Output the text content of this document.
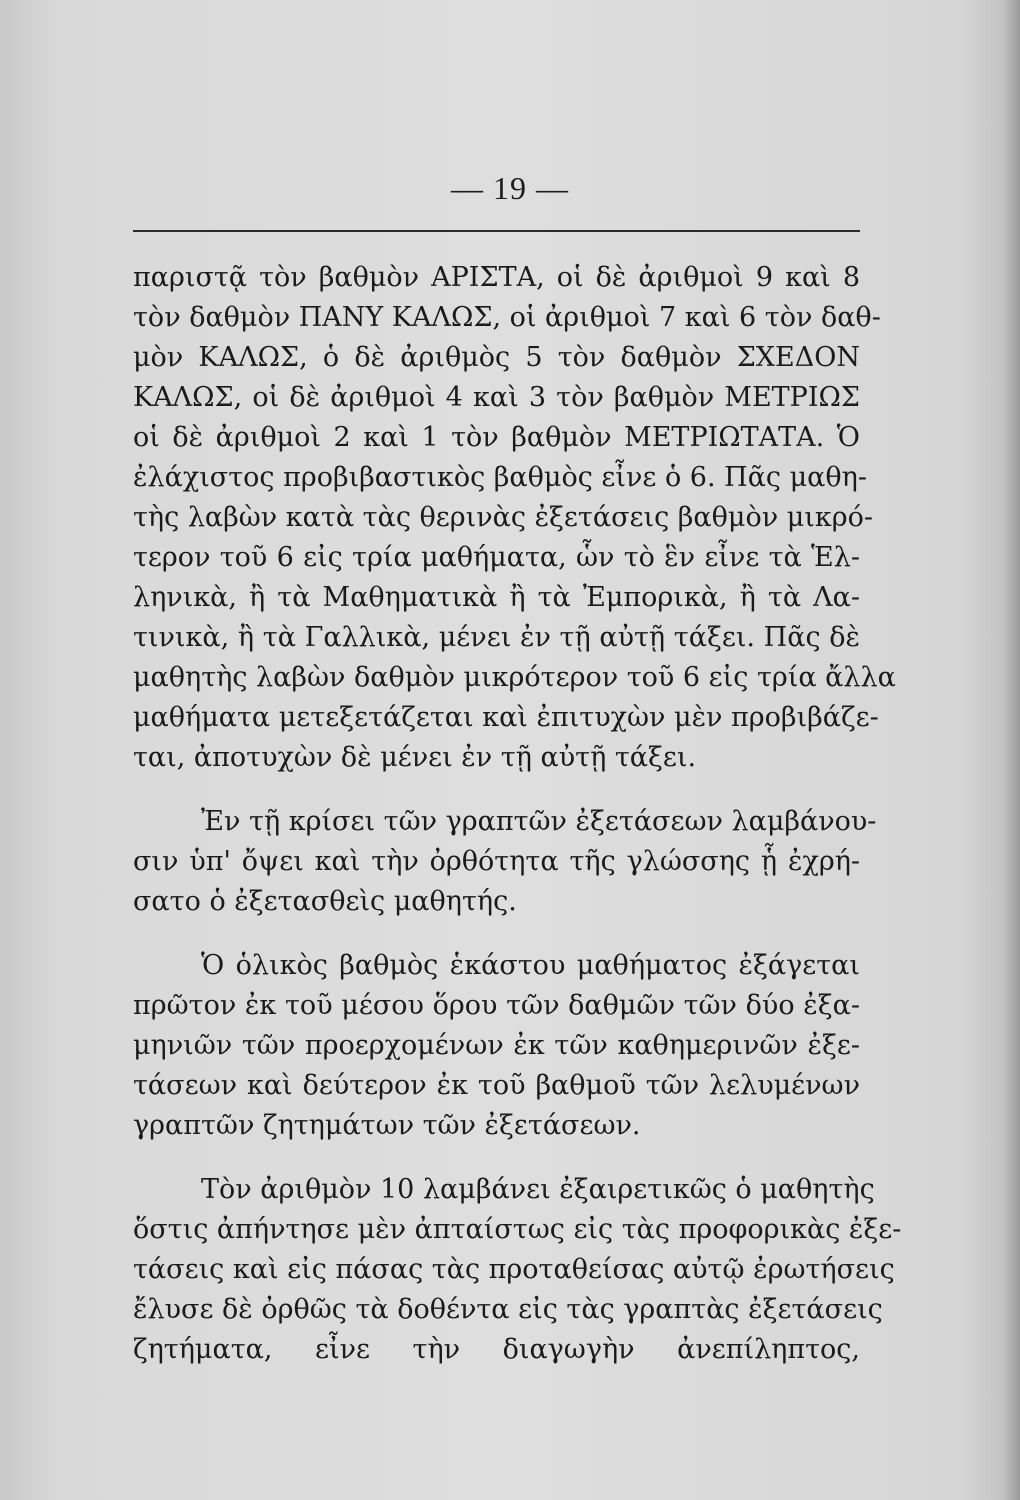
— 19 —
παριστᾷ τὸν βαθμὸν ΑΡΙΣΤΑ, οἱ δὲ ἀριθμοὶ 9 καὶ 8
τὸν δαθμὸν ΠΑΝΥ ΚΑΛΩΣ, οἱ ἀριθμοὶ 7 καὶ 6 τὸν δαθ-
μὸν ΚΑΛΩΣ, ὁ δὲ ἀριθμὸς 5 τὸν δαθμὸν ΣΧΕΔΟΝ
ΚΑΛΩΣ, οἱ δὲ ἀριθμοὶ 4 καὶ 3 τὸν βαθμὸν ΜΕΤΡΙΩΣ
οἱ δὲ ἀριθμοὶ 2 καὶ 1 τὸν βαθμὸν ΜΕΤΡΙΩΤΑΤΑ. Ὁ
ἐλάχιστος προβιβαστικὸς βαθμὸς εἶνε ὁ 6. Πᾶς μαθη-
τὴς λαβὼν κατὰ τὰς θερινὰς ἐξετάσεις βαθμὸν μικρό-
τερον τοῦ 6 εἰς τρία μαθήματα, ὧν τὸ ἓν εἶνε τὰ Ἑλ-
ληνικὰ, ἢ τὰ Μαθηματικὰ ἢ τὰ Ἐμπορικὰ, ἢ τὰ Λα-
τινικὰ, ἢ τὰ Γαλλικὰ, μένει ἐν τῇ αὐτῇ τάξει. Πᾶς δὲ
μαθητὴς λαβὼν δαθμὸν μικρότερον τοῦ 6 εἰς τρία ἄλλα
μαθήματα μετεξετάζεται καὶ ἐπιτυχὼν μὲν προβιβάζε-
ται, ἀποτυχὼν δὲ μένει ἐν τῇ αὐτῇ τάξει.
Ἐν τῇ κρίσει τῶν γραπτῶν ἐξετάσεων λαμβάνου-
σιν ὑπ' ὄψει καὶ τὴν ὀρθότητα τῆς γλώσσης ᾗ ἐχρή-
σατο ὁ ἐξετασθεὶς μαθητής.
Ὁ ὁλικὸς βαθμὸς ἑκάστου μαθήματος ἐξάγεται
πρῶτον ἐκ τοῦ μέσου ὅρου τῶν δαθμῶν τῶν δύο ἐξα-
μηνιῶν τῶν προερχομένων ἐκ τῶν καθημερινῶν ἐξε-
τάσεων καὶ δεύτερον ἐκ τοῦ βαθμοῦ τῶν λελυμένων
γραπτῶν ζητημάτων τῶν ἐξετάσεων.
Τὸν ἀριθμὸν 10 λαμβάνει ἐξαιρετικῶς ὁ μαθητὴς
ὅστις ἀπήντησε μὲν ἀπταίστως εἰς τὰς προφορικὰς ἐξε-
τάσεις καὶ εἰς πάσας τὰς προταθείσας αὐτῷ ἐρωτήσεις
ἔλυσε δὲ ὀρθῶς τὰ δοθέντα εἰς τὰς γραπτὰς ἐξετάσεις
ζητήματα, εἶνε τὴν διαγωγὴν ἀνεπίληπτος,
